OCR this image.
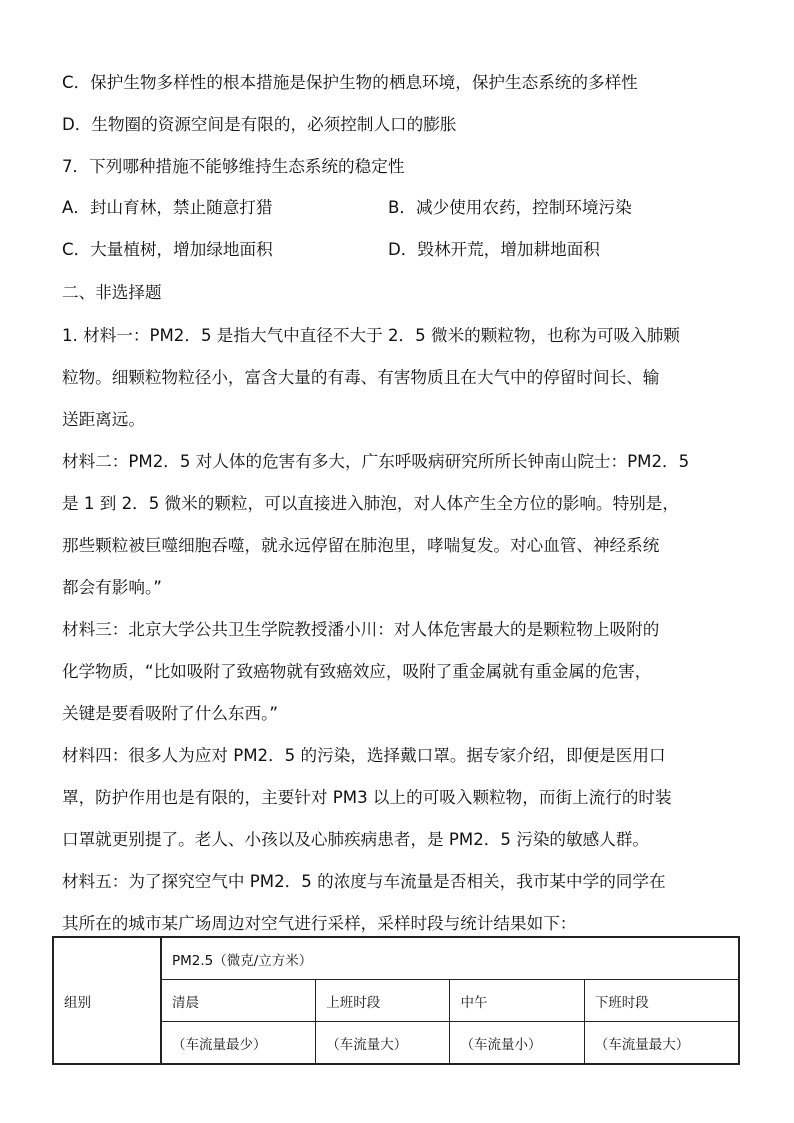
C．保护生物多样性的根本措施是保护生物的栖息环境，保护生态系统的多样性
D．生物圈的资源空间是有限的，必须控制人口的膨胀
7．下列哪种措施不能够维持生态系统的稳定性
A．封山育林，禁止随意打猎	B．减少使用农药，控制环境污染
C．大量植树，增加绿地面积	D．毁林开荒，增加耕地面积
二、非选择题
1. 材料一：PM2．5 是指大气中直径不大于 2．5 微米的颗粒物，也称为可吸入肺颗
粒物。细颗粒物粒径小，富含大量的有毒、有害物质且在大气中的停留时间长、输
送距离远。
材料二：PM2．5 对人体的危害有多大，广东呼吸病研究所所长钟南山院士：PM2．5
是 1 到 2．5 微米的颗粒，可以直接进入肺泡，对人体产生全方位的影响。特别是，
那些颗粒被巨噬细胞吞噬，就永远停留在肺泡里，哮喘复发。对心血管、神经系统
都会有影响。”
材料三：北京大学公共卫生学院教授潘小川：对人体危害最大的是颗粒物上吸附的
化学物质，“比如吸附了致癌物就有致癌效应，吸附了重金属就有重金属的危害，
关键是要看吸附了什么东西。”
材料四：很多人为应对 PM2．5 的污染，选择戴口罩。据专家介绍，即便是医用口
罩，防护作用也是有限的，主要针对 PM3 以上的可吸入颗粒物，而街上流行的时装
口罩就更别提了。老人、小孩以及心肺疾病患者，是 PM2．5 污染的敏感人群。
材料五：为了探究空气中 PM2．5 的浓度与车流量是否相关，我市某中学的同学在
其所在的城市某广场周边对空气进行采样，采样时段与统计结果如下：
组别	PM2.5（微克/立方米）			
	清晨	上班时段	中午	下班时段
	（车流量最少）	（车流量大）	（车流量小）	（车流量最大）
